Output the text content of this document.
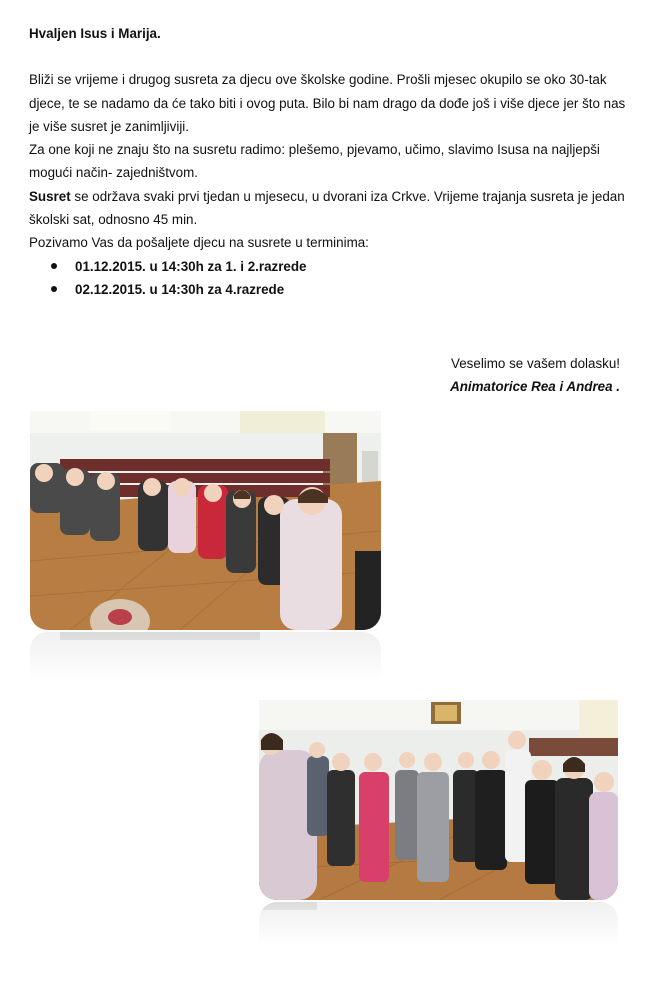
Hvaljen Isus i Marija.

Bliži se vrijeme i drugog susreta za djecu ove školske godine. Prošli mjesec okupilo se oko 30-tak djece, te se nadamo da će tako biti i ovog puta. Bilo bi nam drago da dođe još i više djece jer što nas je više susret je zanimljiviji.

Za one koji ne znaju što na susretu radimo: plešemo, pjevamo, učimo, slavimo Isusa na najljepši mogući način- zajedništvom.

Susret se održava svaki prvi tjedan u mjesecu, u dvorani iza Crkve. Vrijeme trajanja susreta je jedan školski sat, odnosno 45 min.

Pozivamo Vas da pošaljete djecu na susrete u terminima:

01.12.2015. u 14:30h za 1. i 2.razrede
02.12.2015. u 14:30h za 4.razrede
Veselimo se vašem dolasku!
Animatorice Rea i Andrea .
